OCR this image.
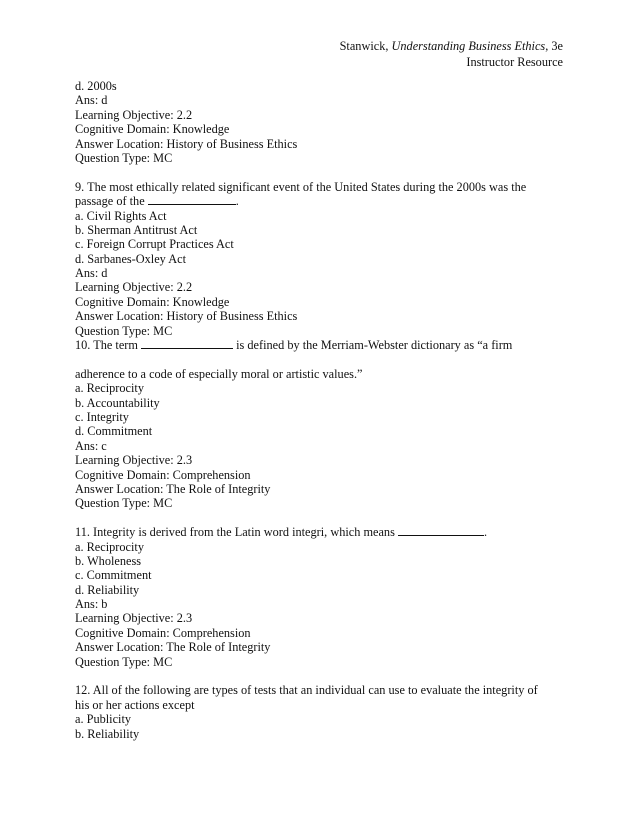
Stanwick, Understanding Business Ethics, 3e
Instructor Resource
d. 2000s
Ans: d
Learning Objective: 2.2
Cognitive Domain: Knowledge
Answer Location: History of Business Ethics
Question Type: MC
9. The most ethically related significant event of the United States during the 2000s was the
passage of the	.
a. Civil Rights Act
b. Sherman Antitrust Act
c. Foreign Corrupt Practices Act
d. Sarbanes-Oxley Act
Ans: d
Learning Objective: 2.2
Cognitive Domain: Knowledge
Answer Location: History of Business Ethics
Question Type: MC
10. The term	is defined by the Merriam-Webster dictionary as “a firm
adherence to a code of especially moral or artistic values.”
a. Reciprocity
b. Accountability
c. Integrity
d. Commitment
Ans: c
Learning Objective: 2.3
Cognitive Domain: Comprehension
Answer Location: The Role of Integrity
Question Type: MC
11. Integrity is derived from the Latin word integri, which means	.
a. Reciprocity
b. Wholeness
c. Commitment
d. Reliability
Ans: b
Learning Objective: 2.3
Cognitive Domain: Comprehension
Answer Location: The Role of Integrity
Question Type: MC
12. All of the following are types of tests that an individual can use to evaluate the integrity of
his or her actions except
a. Publicity
b. Reliability
